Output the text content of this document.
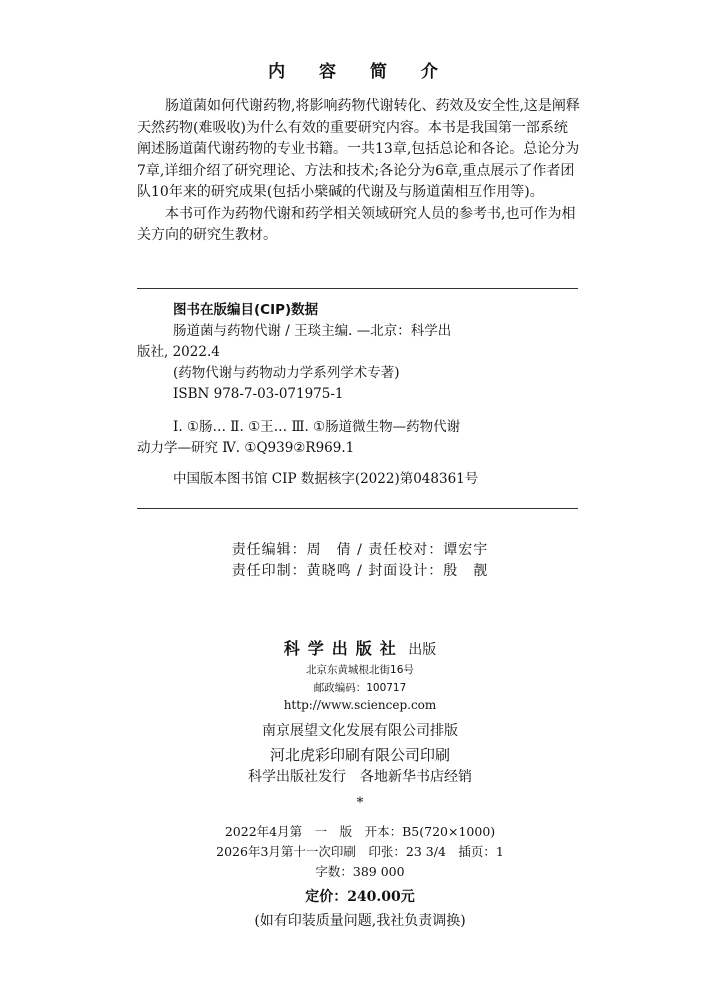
内 容 简 介

肠道菌如何代谢药物,将影响药物代谢转化、药效及安全性,这是阐释

天然药物(难吸收)为什么有效的重要研究内容。本书是我国第一部系统

阐述肠道菌代谢药物的专业书籍。一共13章,包括总论和各论。总论分为

7章,详细介绍了研究理论、方法和技术;各论分为6章,重点展示了作者团

队10年来的研究成果(包括小檗碱的代谢及与肠道菌相互作用等)。

本书可作为药物代谢和药学相关领域研究人员的参考书,也可作为相

关方向的研究生教材。

图书在版编目(CIP)数据
肠道菌与药物代谢 / 王琰主编. —北京：科学出
版社, 2022.4
(药物代谢与药物动力学系列学术专著)
ISBN 978-7-03-071975-1
Ⅰ. ①肠… Ⅱ. ①王… Ⅲ. ①肠道微生物—药物代谢
动力学—研究 Ⅳ. ①Q939②R969.1
中国版本图书馆 CIP 数据核字(2022)第048361号
责任编辑：周　倩 / 责任校对：谭宏宇
责任印制：黄晓鸣 / 封面设计：殷　靓
科学出版社 出版
北京东黄城根北街16号
邮政编码：100717
http://www.sciencep.com
南京展望文化发展有限公司排版
河北虎彩印刷有限公司印刷
科学出版社发行　各地新华书店经销
*
2022年4月第　一　版　开本：B5(720×1000)
2026年3月第十一次印刷　印张：23 3/4　插页：1
字数：389 000
定价：240.00元
(如有印装质量问题,我社负责调换)
